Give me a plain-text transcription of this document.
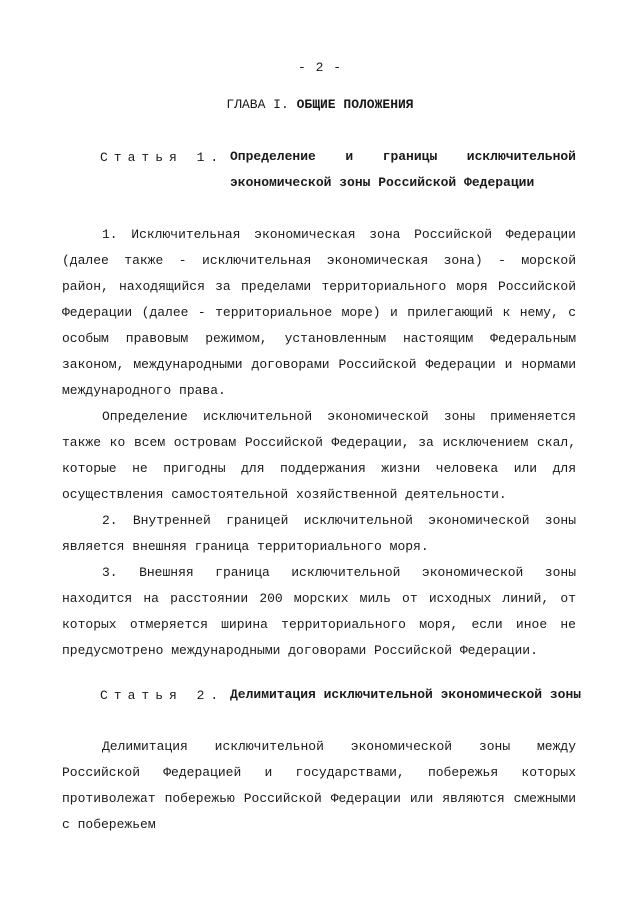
- 2 -
ГЛАВА I. ОБЩИЕ ПОЛОЖЕНИЯ
Статья 1. Определение и границы исключительной
экономической зоны Российской Федерации

1. Исключительная экономическая зона Российской Федерации (далее также - исключительная экономическая зона) - морской район, находящийся за пределами территориального моря Российской Федерации (далее - территориальное море) и прилегающий к нему, с особым правовым режимом, установленным настоящим Федеральным законом, международными договорами Российской Федерации и нормами международного права.

Определение исключительной экономической зоны применяется также ко всем островам Российской Федерации, за исключением скал, которые не пригодны для поддержания жизни человека или для осуществления самостоятельной хозяйственной деятельности.

2. Внутренней границей исключительной экономической зоны является внешняя граница территориального моря.

3. Внешняя граница исключительной экономической зоны находится на расстоянии 200 морских миль от исходных линий, от которых отмеряется ширина территориального моря, если иное не предусмотрено международными договорами Российской Федерации.

Статья 2. Делимитация исключительной экономической зоны

Делимитация исключительной экономической зоны между Российской Федерацией и государствами, побережья которых противолежат побережью Российской Федерации или являются смежными с побережьем
